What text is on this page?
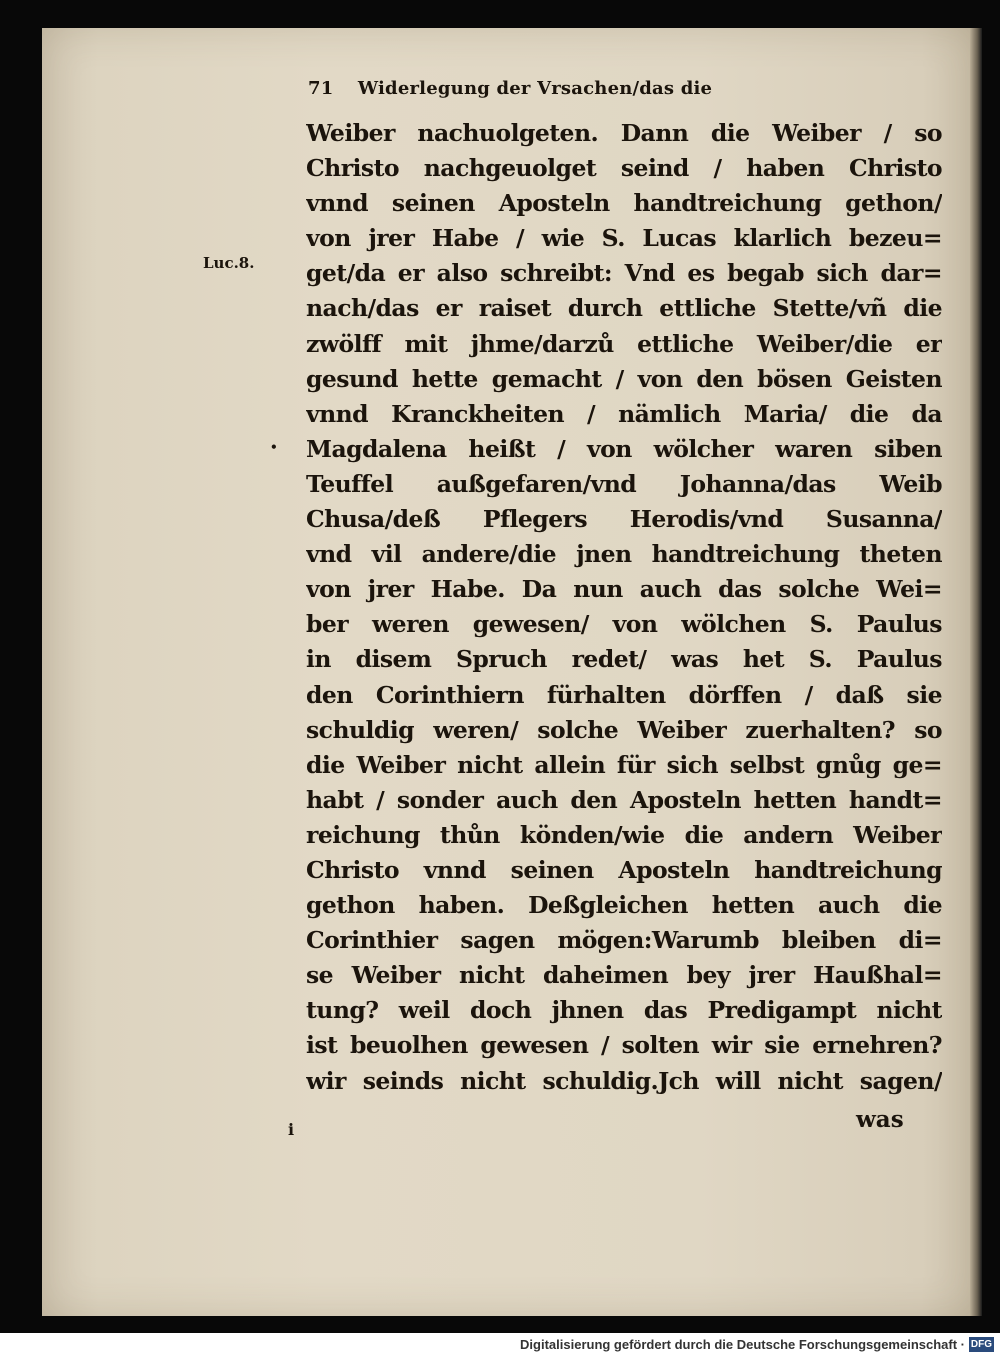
71 Widerlegung der Vrsachen/das die
Luc.8.
•
Weiber nachuolgeten. Dann die Weiber / so
Christo nachgeuolget seind / haben Christo
vnnd seinen Aposteln handtreichung gethon/
von jrer Habe / wie S. Lucas klarlich bezeu=
get/da er also schreibt: Vnd es begab sich dar=
nach/das er raiset durch ettliche Stette/vñ die
zwölff mit jhme/darzů ettliche Weiber/die er
gesund hette gemacht / von den bösen Geisten
vnnd Kranckheiten / nämlich Maria/ die da
Magdalena heißt / von wölcher waren siben
Teuffel außgefaren/vnd Johanna/das Weib
Chusa/deß Pflegers Herodis/vnd Susanna/
vnd vil andere/die jnen handtreichung theten
von jrer Habe. Da nun auch das solche Wei=
ber weren gewesen/ von wölchen S. Paulus
in disem Spruch redet/ was het S. Paulus
den Corinthiern fürhalten dörffen / daß sie
schuldig weren/ solche Weiber zuerhalten? so
die Weiber nicht allein für sich selbst gnůg ge=
habt / sonder auch den Aposteln hetten handt=
reichung thůn könden/wie die andern Weiber
Christo vnnd seinen Aposteln handtreichung
gethon haben. Deßgleichen hetten auch die
Corinthier sagen mögen:Warumb bleiben di=
se Weiber nicht daheimen bey jrer Haußhal=
tung? weil doch jhnen das Predigampt nicht
ist beuolhen gewesen / solten wir sie ernehren?
wir seinds nicht schuldig.Jch will nicht sagen/
i	was
Digitalisierung gefördert durch die Deutsche Forschungsgemeinschaft · DFG
